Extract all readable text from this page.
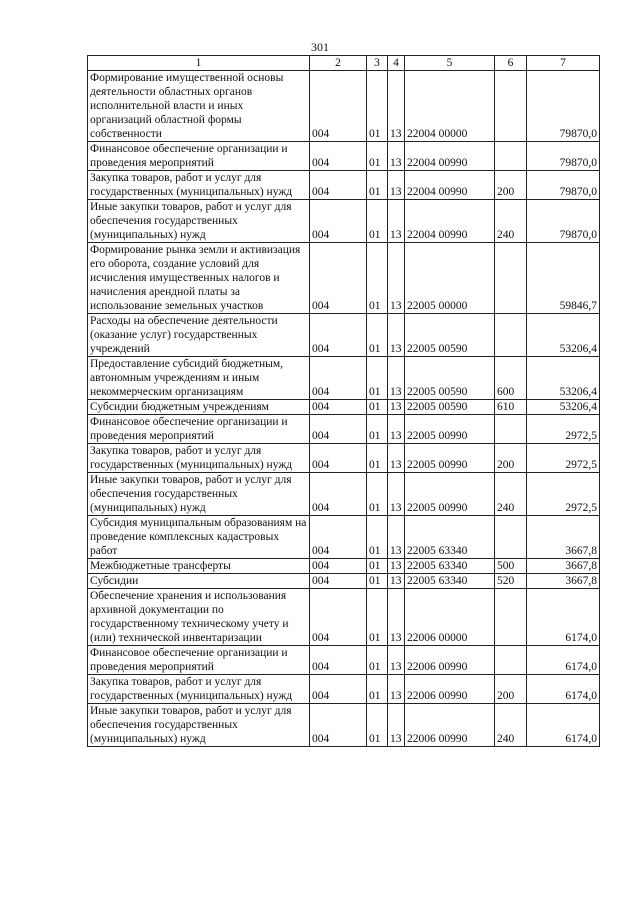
301
1	2	3	4	5	6	7
Формирование имущественной основы деятельности областных органов исполнительной власти и иных организаций областной формы собственности	004	01	13	22004 00000		79870,0
Финансовое обеспечение организации и проведения мероприятий	004	01	13	22004 00990		79870,0
Закупка товаров, работ и услуг для государственных (муниципальных) нужд	004	01	13	22004 00990	200	79870,0
Иные закупки товаров, работ и услуг для обеспечения государственных (муниципальных) нужд	004	01	13	22004 00990	240	79870,0
Формирование рынка земли и активизация его оборота, создание условий для исчисления имущественных налогов и начисления арендной платы за использование земельных участков	004	01	13	22005 00000		59846,7
Расходы на обеспечение деятельности (оказание услуг) государственных учреждений	004	01	13	22005 00590		53206,4
Предоставление субсидий бюджетным, автономным учреждениям и иным некоммерческим организациям	004	01	13	22005 00590	600	53206,4
Субсидии бюджетным учреждениям	004	01	13	22005 00590	610	53206,4
Финансовое обеспечение организации и проведения мероприятий	004	01	13	22005 00990		2972,5
Закупка товаров, работ и услуг для государственных (муниципальных) нужд	004	01	13	22005 00990	200	2972,5
Иные закупки товаров, работ и услуг для обеспечения государственных (муниципальных) нужд	004	01	13	22005 00990	240	2972,5
Субсидия муниципальным образованиям на проведение комплексных кадастровых работ	004	01	13	22005 63340		3667,8
Межбюджетные трансферты	004	01	13	22005 63340	500	3667,8
Субсидии	004	01	13	22005 63340	520	3667,8
Обеспечение хранения и использования архивной документации по государственному техническому учету и (или) технической инвентаризации	004	01	13	22006 00000		6174,0
Финансовое обеспечение организации и проведения мероприятий	004	01	13	22006 00990		6174,0
Закупка товаров, работ и услуг для государственных (муниципальных) нужд	004	01	13	22006 00990	200	6174,0
Иные закупки товаров, работ и услуг для обеспечения государственных (муниципальных) нужд	004	01	13	22006 00990	240	6174,0
